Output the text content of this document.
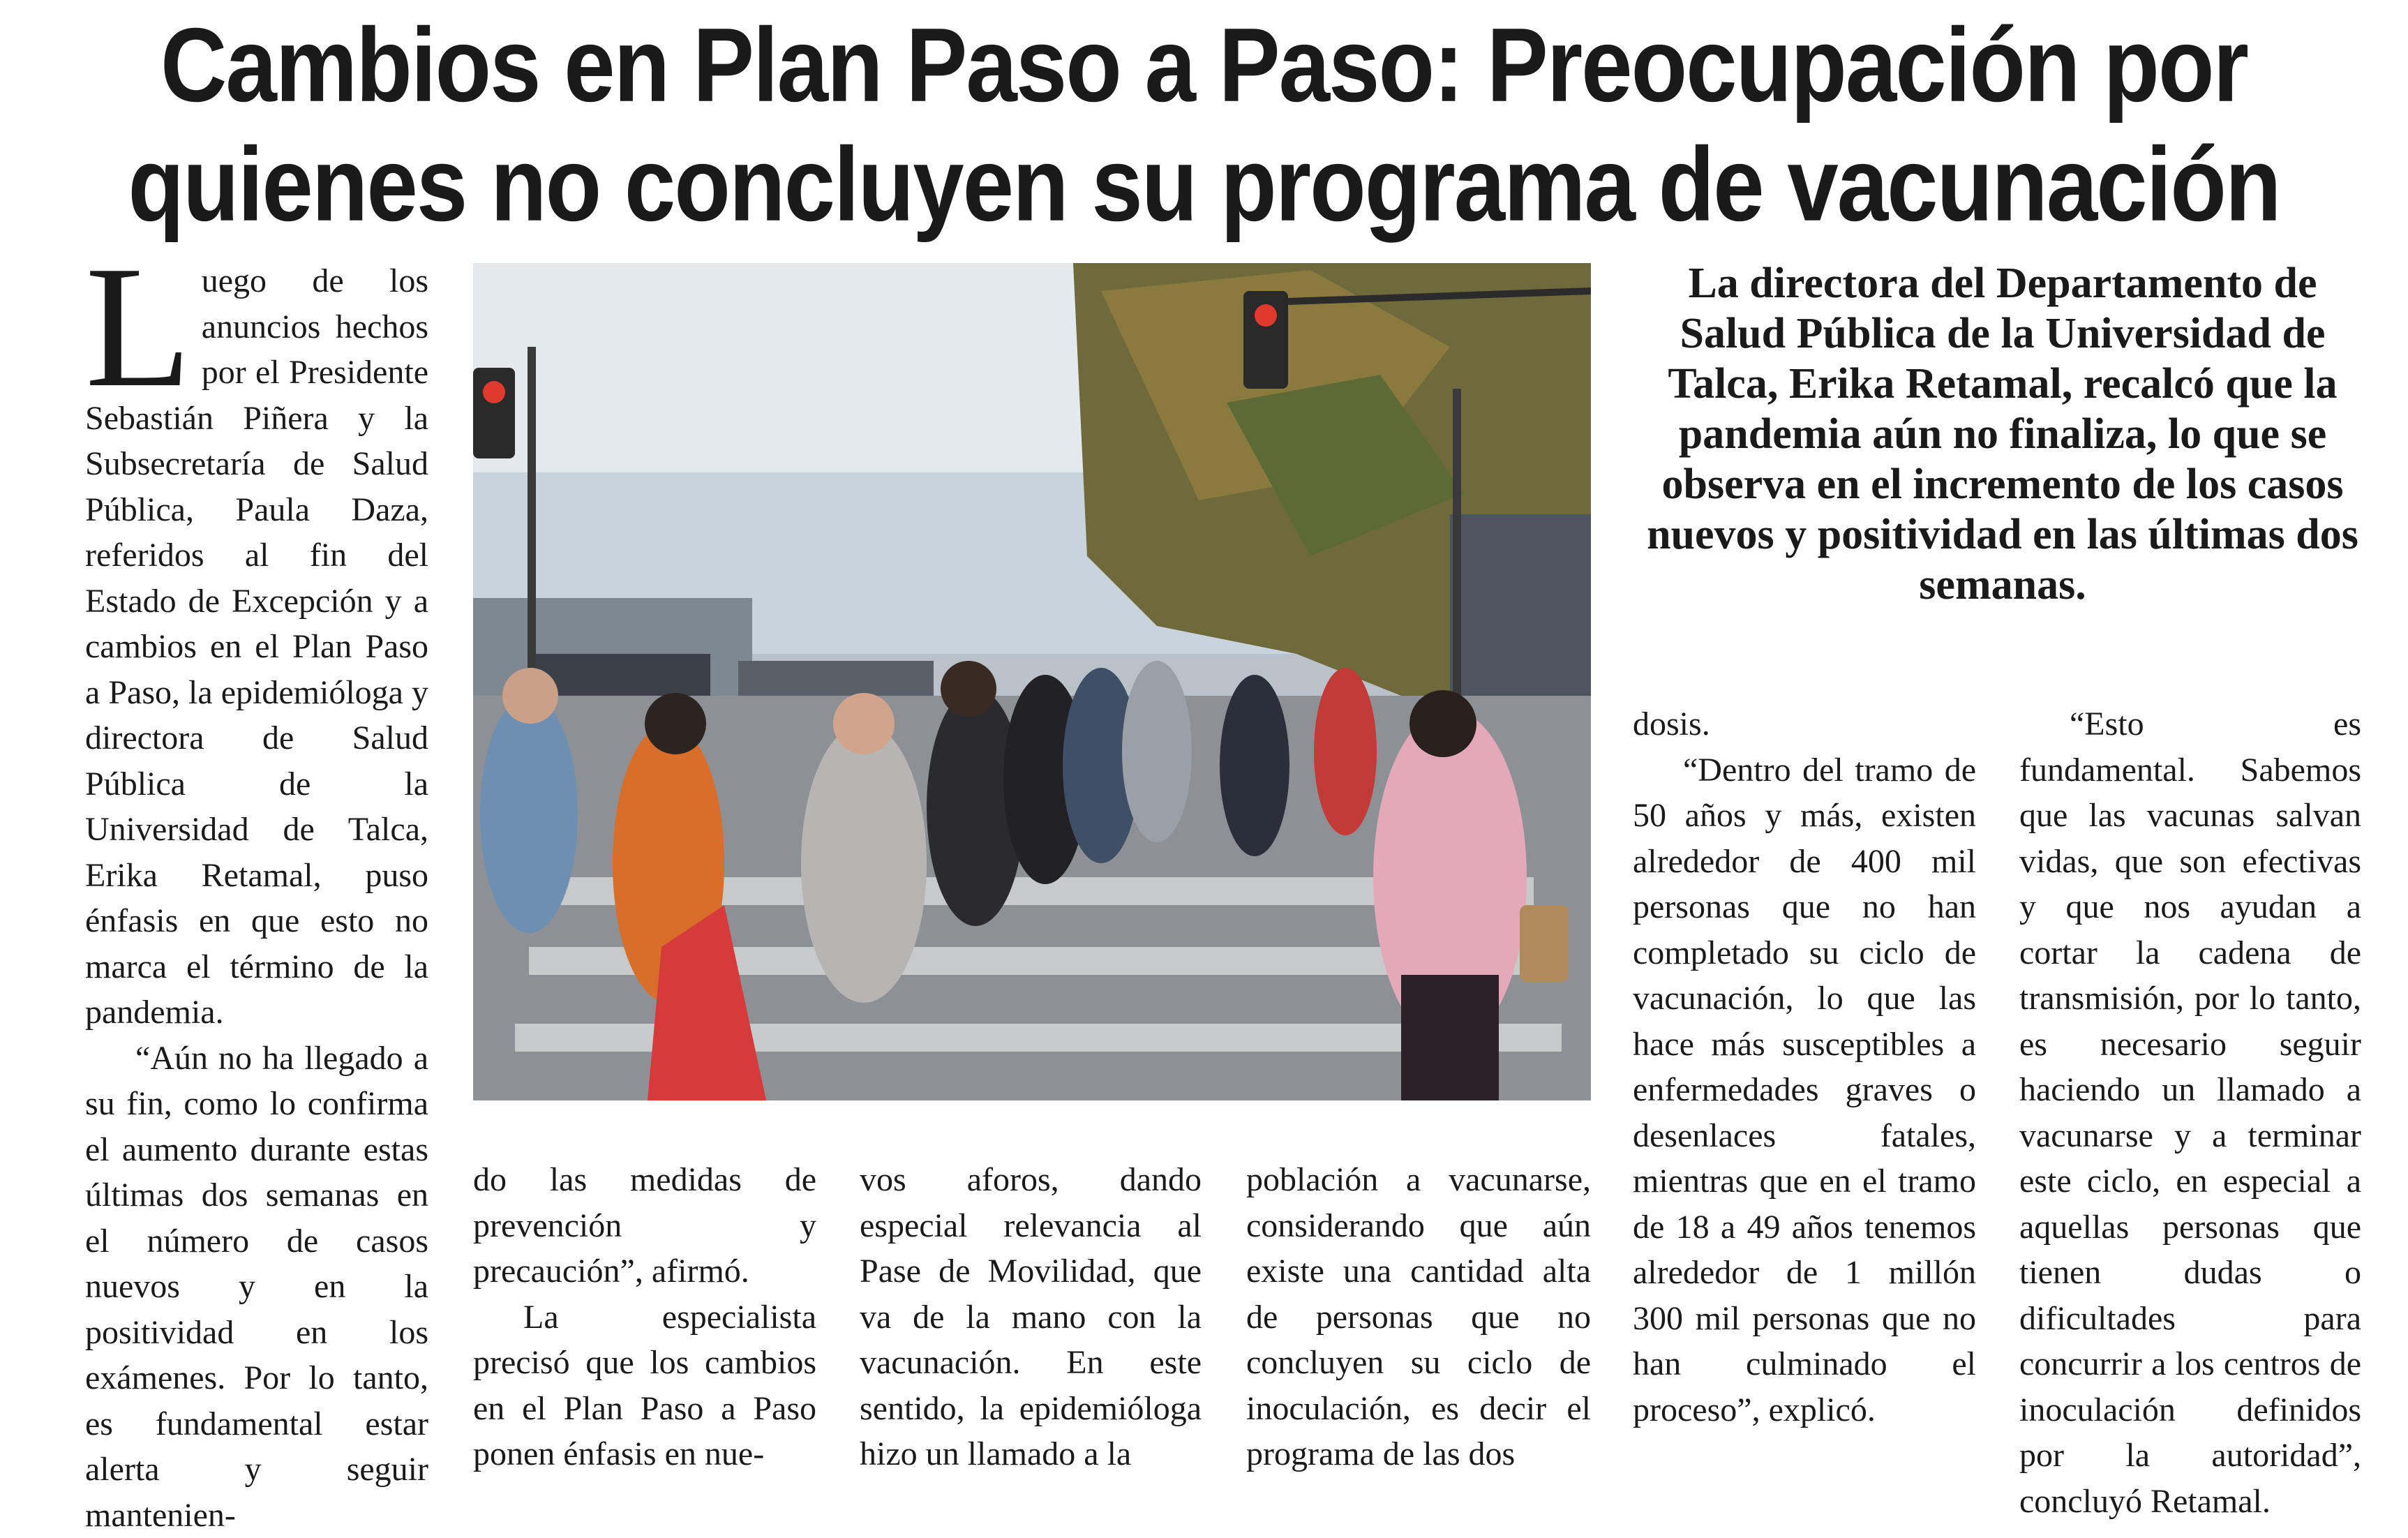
Cambios en Plan Paso a Paso: Preocupación por
quienes no concluyen su programa de vacunación

Luego de los anuncios hechos por el Presidente Sebastián Piñera y la Subsecretaría de Salud Pública, Paula Daza, referidos al fin del Estado de Excepción y a cambios en el Plan Paso a Paso, la epidemióloga y directora de Salud Pública de la Universidad de Talca, Erika Retamal, puso énfasis en que esto no marca el término de la pandemia.

“Aún no ha llegado a su fin, como lo confirma el aumento durante estas últimas dos semanas en el número de casos nuevos y en la positividad en los exámenes. Por lo tanto, es fundamental estar alerta y seguir mantenien-

La directora del Departamento de Salud Pública de la Universidad de Talca, Erika Retamal, recalcó que la pandemia aún no finaliza, lo que se observa en el incremento de los casos nuevos y positividad en las últimas dos semanas.

do las medidas de prevención y precaución”, afirmó.

La especialista precisó que los cambios en el Plan Paso a Paso ponen énfasis en nue-

vos aforos, dando especial relevancia al Pase de Movilidad, que va de la mano con la vacunación. En este sentido, la epidemióloga hizo un llamado a la

población a vacunarse, considerando que aún existe una cantidad alta de personas que no concluyen su ciclo de inoculación, es decir el programa de las dos

dosis.

“Dentro del tramo de 50 años y más, existen alrededor de 400 mil personas que no han completado su ciclo de vacunación, lo que las hace más susceptibles a enfermedades graves o desenlaces fatales, mientras que en el tramo de 18 a 49 años tenemos alrededor de 1 millón 300 mil personas que no han culminado el proceso”, explicó.

“Esto es fundamental. Sabemos que las vacunas salvan vidas, que son efectivas y que nos ayudan a cortar la cadena de transmisión, por lo tanto, es necesario seguir haciendo un llamado a vacunarse y a terminar este ciclo, en especial a aquellas personas que tienen dudas o dificultades para concurrir a los centros de inoculación definidos por la autoridad”, concluyó Retamal.
